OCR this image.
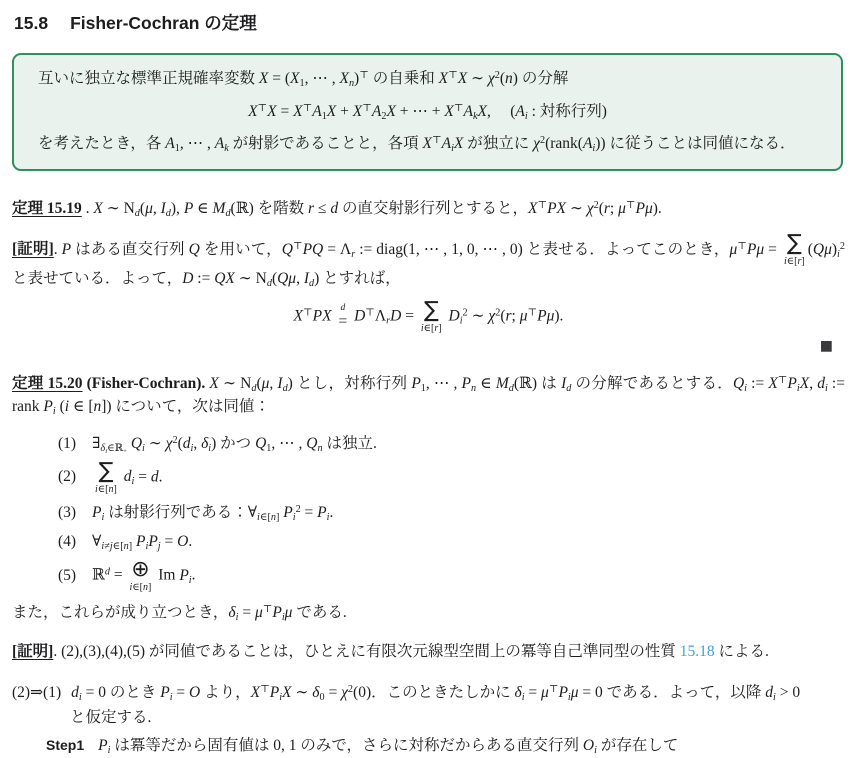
15.8 Fisher-Cochran の定理
互いに独立な標準正規確率変数 $X = (X_1$, ⋯ , $X_n)^⊤$ の自乗和 X⊤X ∼ $\chi^2(n)$ の分解
$X^⊤X = X^⊤A_1X + X^⊤A_2X$ + ⋯ + $X^⊤A_kX$,     ($A_i$ : 対称行列)
を考えたとき，各 $A_1$, ⋯ , $A_k$ が射影であることと，各項 $X^⊤A_iX$ が独立に $\chi^2(rank(A_i))$ に従うことは同値になる．

定理 15.19 . X ∼ $N_d(\mu$, $I_d$), P ∈ $M_d(ℝ)$ を階数 r ≤ d の直交射影行列とすると，X⊤PX ∼ $\chi^2(r$; μ⊤Pμ).

[証明]. P はある直交行列 Q を用いて，$Q^⊤PQ = \Lambda_r$ := diag(1, ⋯ , 1, 0, ⋯ , 0) と表せる．よってこのとき，μ⊤Pμ = ∑
i∈[r]
$(Q\mu)_i^2$ と表せている．よって，D := QX ∼ $N_d(Q\mu$, $I_d$) とすれば，

X⊤PX d
= $D^⊤\Lambda_rD$ = ∑
i∈[r]
$D_i^2$ ∼ $\chi^2(r$; μ⊤Pμ).
■

定理 15.20 (Fisher-Cochran). X ∼ $N_d(\mu$, $I_d$) とし，対称行列 $P_1$, ⋯ , $P_n$ ∈ $M_d(ℝ)$ は $I_d$ の分解であるとする．$Q_i$ := $X^⊤P_iX$, $d_i$ := rank $P_i$ (i ∈ [n]) について，次は同値：

(1)	$\exists_{\delta_i\in ℝ_+}$ $Q_i$ ∼ $\chi^2(d_i$, $\delta_i$) かつ $Q_1$, ⋯ , $Q_n$ は独立.
(2)	∑
i∈[n]
$d_i = d$.
(3)	$P_i$ は射影行列である：$\forall_{i\in[n]}$ $P_i^2 = P_i$.
(4)	$\forall_{i\ne j\in[n]}$ $P_iP_j = O$.
(5)	ℝ$^d$ = ⊕
i∈[n]
Im $P_i$.

また，これらが成り立つとき，$\delta_i = \mu^⊤P_i\mu$ である.

[証明]. (2),(3),(4),(5) が同値であることは，ひとえに有限次元線型空間上の冪等自己準同型の性質 15.18 による.

(2)⇒(1) $d_i = 0$ のとき $P_i = O$ より，$X^⊤P_iX$ ∼ $\delta_0 = \chi^2(0)$．このときたしかに $\delta_i = \mu^⊤P_i\mu = 0$ である．よって，以降 $d_i > 0$
と仮定する.
Step1 $P_i$ は冪等だから固有値は 0, 1 のみで，さらに対称だからある直交行列 $O_i$ が存在して
